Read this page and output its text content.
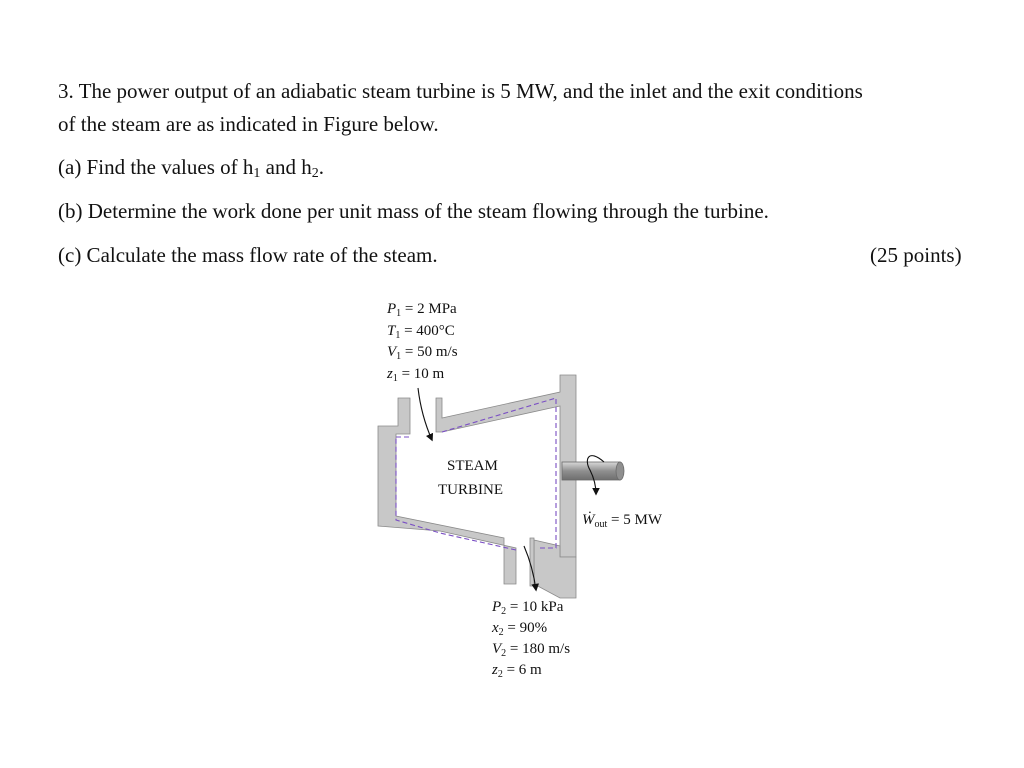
3. The power output of an adiabatic steam turbine is 5 MW, and the inlet and the exit conditions
of the steam are as indicated in Figure below.
(a) Find the values of $h_1$ and $h_2$.
(b) Determine the work done per unit mass of the steam flowing through the turbine.
(c) Calculate the mass flow rate of the steam.	(25 points)
$P_1 = 2$ MPa
$T_1 = 400^\circ C$
$V_1 = 50$ m/s
$z_1 = 10$ m
STEAM
TURBINE
Ẇ$_{out}$ = 5 MW
$P_2 = 10$ kPa
$x_2 = 90\%$
$V_2 = 180$ m/s
$z_2 = 6$ m
